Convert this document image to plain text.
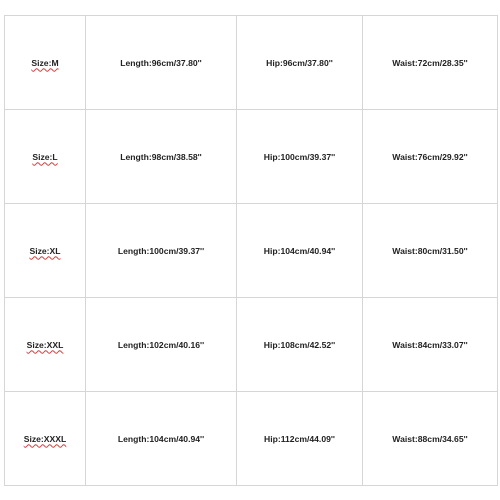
Size:M	Length:96cm/37.80''	Hip:96cm/37.80''	Waist:72cm/28.35''
Size:L	Length:98cm/38.58''	Hip:100cm/39.37''	Waist:76cm/29.92''
Size:XL	Length:100cm/39.37''	Hip:104cm/40.94''	Waist:80cm/31.50''
Size:XXL	Length:102cm/40.16''	Hip:108cm/42.52''	Waist:84cm/33.07''
Size:XXXL	Length:104cm/40.94''	Hip:112cm/44.09''	Waist:88cm/34.65''
